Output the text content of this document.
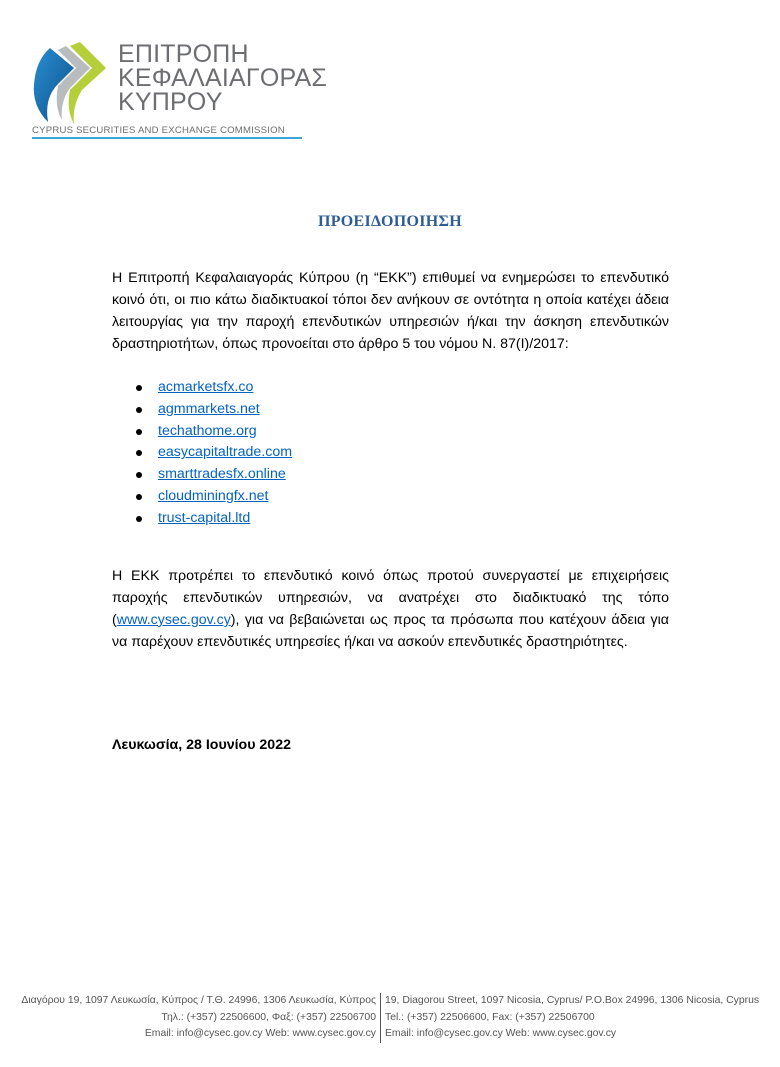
ΕΠΙΤΡΟΠΗ
ΚΕΦΑΛΑΙΑΓΟΡΑΣ
ΚΥΠΡΟΥ
CYPRUS SECURITIES AND EXCHANGE COMMISSION
ΠΡΟΕΙΔΟΠΟΙΗΣΗ
Η Επιτροπή Κεφαλαιαγοράς Κύπρου (η “ΕΚΚ”) επιθυμεί να ενημερώσει το επενδυτικό κοινό ότι, οι πιο κάτω διαδικτυακοί τόποι δεν ανήκουν σε οντότητα η οποία κατέχει άδεια λειτουργίας για την παροχή επενδυτικών υπηρεσιών ή/και την άσκηση επενδυτικών δραστηριοτήτων, όπως προνοείται στο άρθρο 5 του νόμου Ν. 87(Ι)/2017:
acmarketsfx.co
agmmarkets.net
techathome.org
easycapitaltrade.com
smarttradesfx.online
cloudminingfx.net
trust-capital.ltd
Η ΕΚΚ προτρέπει το επενδυτικό κοινό όπως προτού συνεργαστεί με επιχειρήσεις παροχής επενδυτικών υπηρεσιών, να ανατρέχει στο διαδικτυακό της τόπο (www.cysec.gov.cy), για να βεβαιώνεται ως προς τα πρόσωπα που κατέχουν άδεια για να παρέχουν επενδυτικές υπηρεσίες ή/και να ασκούν επενδυτικές δραστηριότητες.
Λευκωσία, 28 Ιουνίου 2022
Διαγόρου 19, 1097 Λευκωσία, Κύπρος / Τ.Θ. 24996, 1306 Λευκωσία, Κύπρος
Τηλ.: (+357) 22506600, Φαξ: (+357) 22506700
Email: info@cysec.gov.cy Web: www.cysec.gov.cy
19, Diagorou Street, 1097 Nicosia, Cyprus/ P.O.Box 24996, 1306 Nicosia, Cyprus
Tel.: (+357) 22506600, Fax: (+357) 22506700
Email: info@cysec.gov.cy Web: www.cysec.gov.cy
